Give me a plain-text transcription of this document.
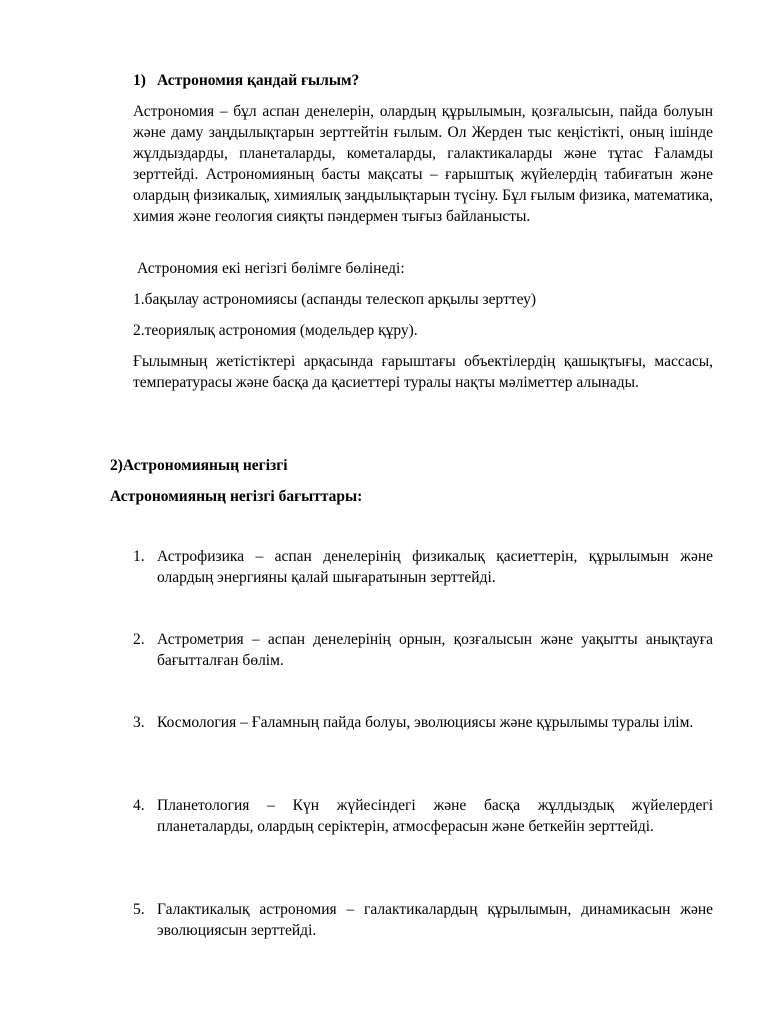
1) Астрономия қандай ғылым?

Астрономия – бұл аспан денелерін, олардың құрылымын, қозғалысын, пайда болуын және даму заңдылықтарын зерттейтін ғылым. Ол Жерден тыс кеңістікті, оның ішінде жұлдыздарды, планеталарды, кометаларды, галактикаларды және тұтас Ғаламды зерттейді. Астрономияның басты мақсаты – ғарыштық жүйелердің табиғатын және олардың физикалық, химиялық заңдылықтарын түсіну. Бұл ғылым физика, математика, химия және геология сияқты пәндермен тығыз байланысты.

Астрономия екі негізгі бөлімге бөлінеді:

1.бақылау астрономиясы (аспанды телескоп арқылы зерттеу)

2.теориялық астрономия (модельдер құру).

Ғылымның жетістіктері арқасында ғарыштағы объектілердің қашықтығы, массасы, температурасы және басқа да қасиеттері туралы нақты мәліметтер алынады.

2)Астрономияның негізгі
Астрономияның негізгі бағыттары:
1. Астрофизика – аспан денелерінің физикалық қасиеттерін, құрылымын және олардың энергияны қалай шығаратынын зерттейді.
2. Астрометрия – аспан денелерінің орнын, қозғалысын және уақытты анықтауға бағытталған бөлім.
3. Космология – Ғаламның пайда болуы, эволюциясы және құрылымы туралы ілім.
4. Планетология – Күн жүйесіндегі және басқа жұлдыздық жүйелердегі планеталарды, олардың серіктерін, атмосферасын және беткейін зерттейді.
5. Галактикалық астрономия – галактикалардың құрылымын, динамикасын және эволюциясын зерттейді.
